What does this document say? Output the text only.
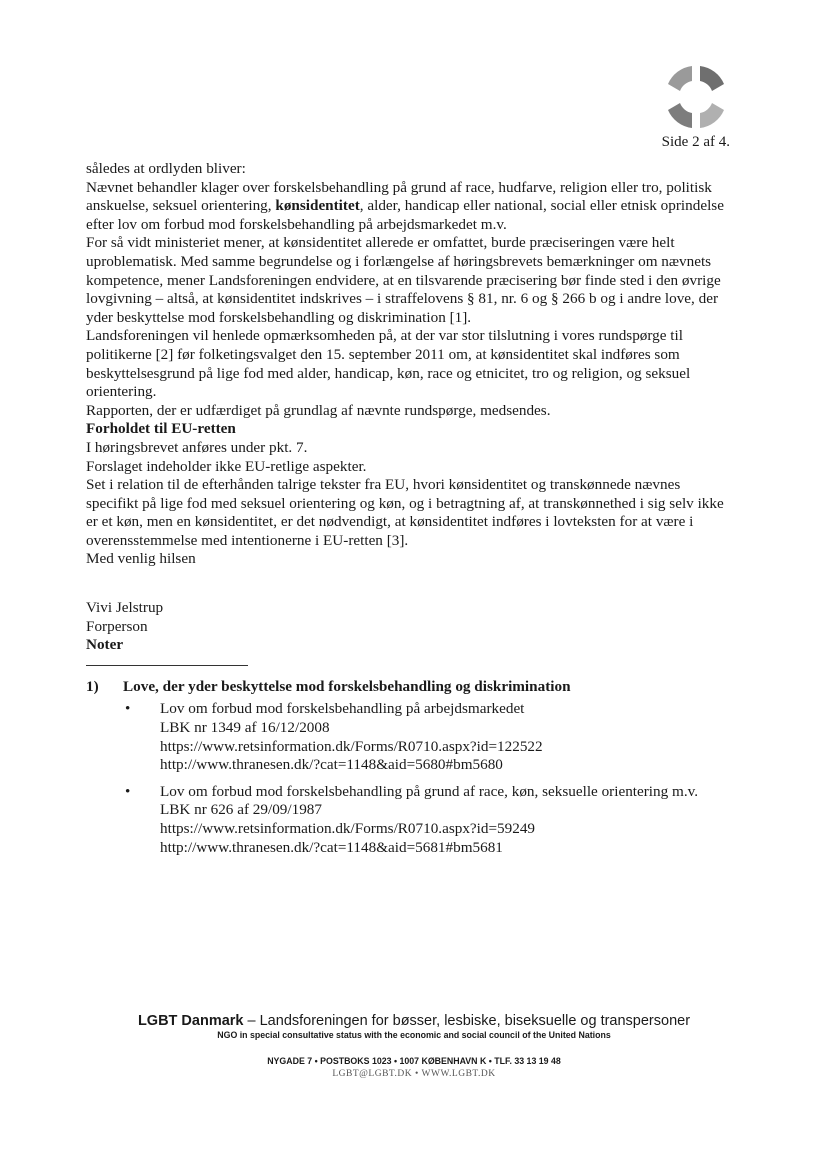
Side 2 af 4.

således at ordlyden bliver:

Nævnet behandler klager over forskelsbehandling på grund af race, hudfarve, religion eller tro, politisk anskuelse, seksuel orientering, kønsidentitet, alder, handicap eller national, social eller etnisk oprindelse efter lov om forbud mod forskelsbehandling på arbejdsmarkedet m.v.

For så vidt ministeriet mener, at kønsidentitet allerede er omfattet, burde præciseringen være helt uproblematisk. Med samme begrundelse og i forlængelse af høringsbrevets bemærkninger om nævnets kompetence, mener Landsforeningen endvidere, at en tilsvarende præcisering bør finde sted i den øvrige lovgivning – altså, at kønsidentitet indskrives – i straffelovens § 81, nr. 6 og § 266 b og i andre love, der yder beskyttelse mod forskelsbehandling og diskrimination [1].

Landsforeningen vil henlede opmærksomheden på, at der var stor tilslutning i vores rundspørge til politikerne [2] før folketingsvalget den 15. september 2011 om, at kønsidentitet skal indføres som beskyttelsesgrund på lige fod med alder, handicap, køn, race og etnicitet, tro og religion, og seksuel orientering.

Rapporten, der er udfærdiget på grundlag af nævnte rundspørge, medsendes.

Forholdet til EU-retten

I høringsbrevet anføres under pkt. 7.

Forslaget indeholder ikke EU-retlige aspekter.

Set i relation til de efterhånden talrige tekster fra EU, hvori kønsidentitet og transkønnede nævnes specifikt på lige fod med seksuel orientering og køn, og i betragtning af, at transkønnethed i sig selv ikke er et køn, men en kønsidentitet, er det nødvendigt, at kønsidentitet indføres i lovteksten for at være i overensstemmelse med intentionerne i EU-retten [3].

Med venlig hilsen

Vivi Jelstrup

Forperson

Noter

1)	Love, der yder beskyttelse mod forskelsbehandling og diskrimination
•	Lov om forbud mod forskelsbehandling på arbejdsmarkedet
LBK nr 1349 af 16/12/2008
https://www.retsinformation.dk/Forms/R0710.aspx?id=122522
http://www.thranesen.dk/?cat=1148&aid=5680#bm5680
•	Lov om forbud mod forskelsbehandling på grund af race, køn, seksuelle orientering m.v.
LBK nr 626 af 29/09/1987
https://www.retsinformation.dk/Forms/R0710.aspx?id=59249
http://www.thranesen.dk/?cat=1148&aid=5681#bm5681
LGBT Danmark – Landsforeningen for bøsser, lesbiske, biseksuelle og transpersoner
NGO in special consultative status with the economic and social council of the United Nations
NYGADE 7 • POSTBOKS 1023 • 1007 KØBENHAVN K • TLF. 33 13 19 48
LGBT@LGBT.DK • WWW.LGBT.DK
